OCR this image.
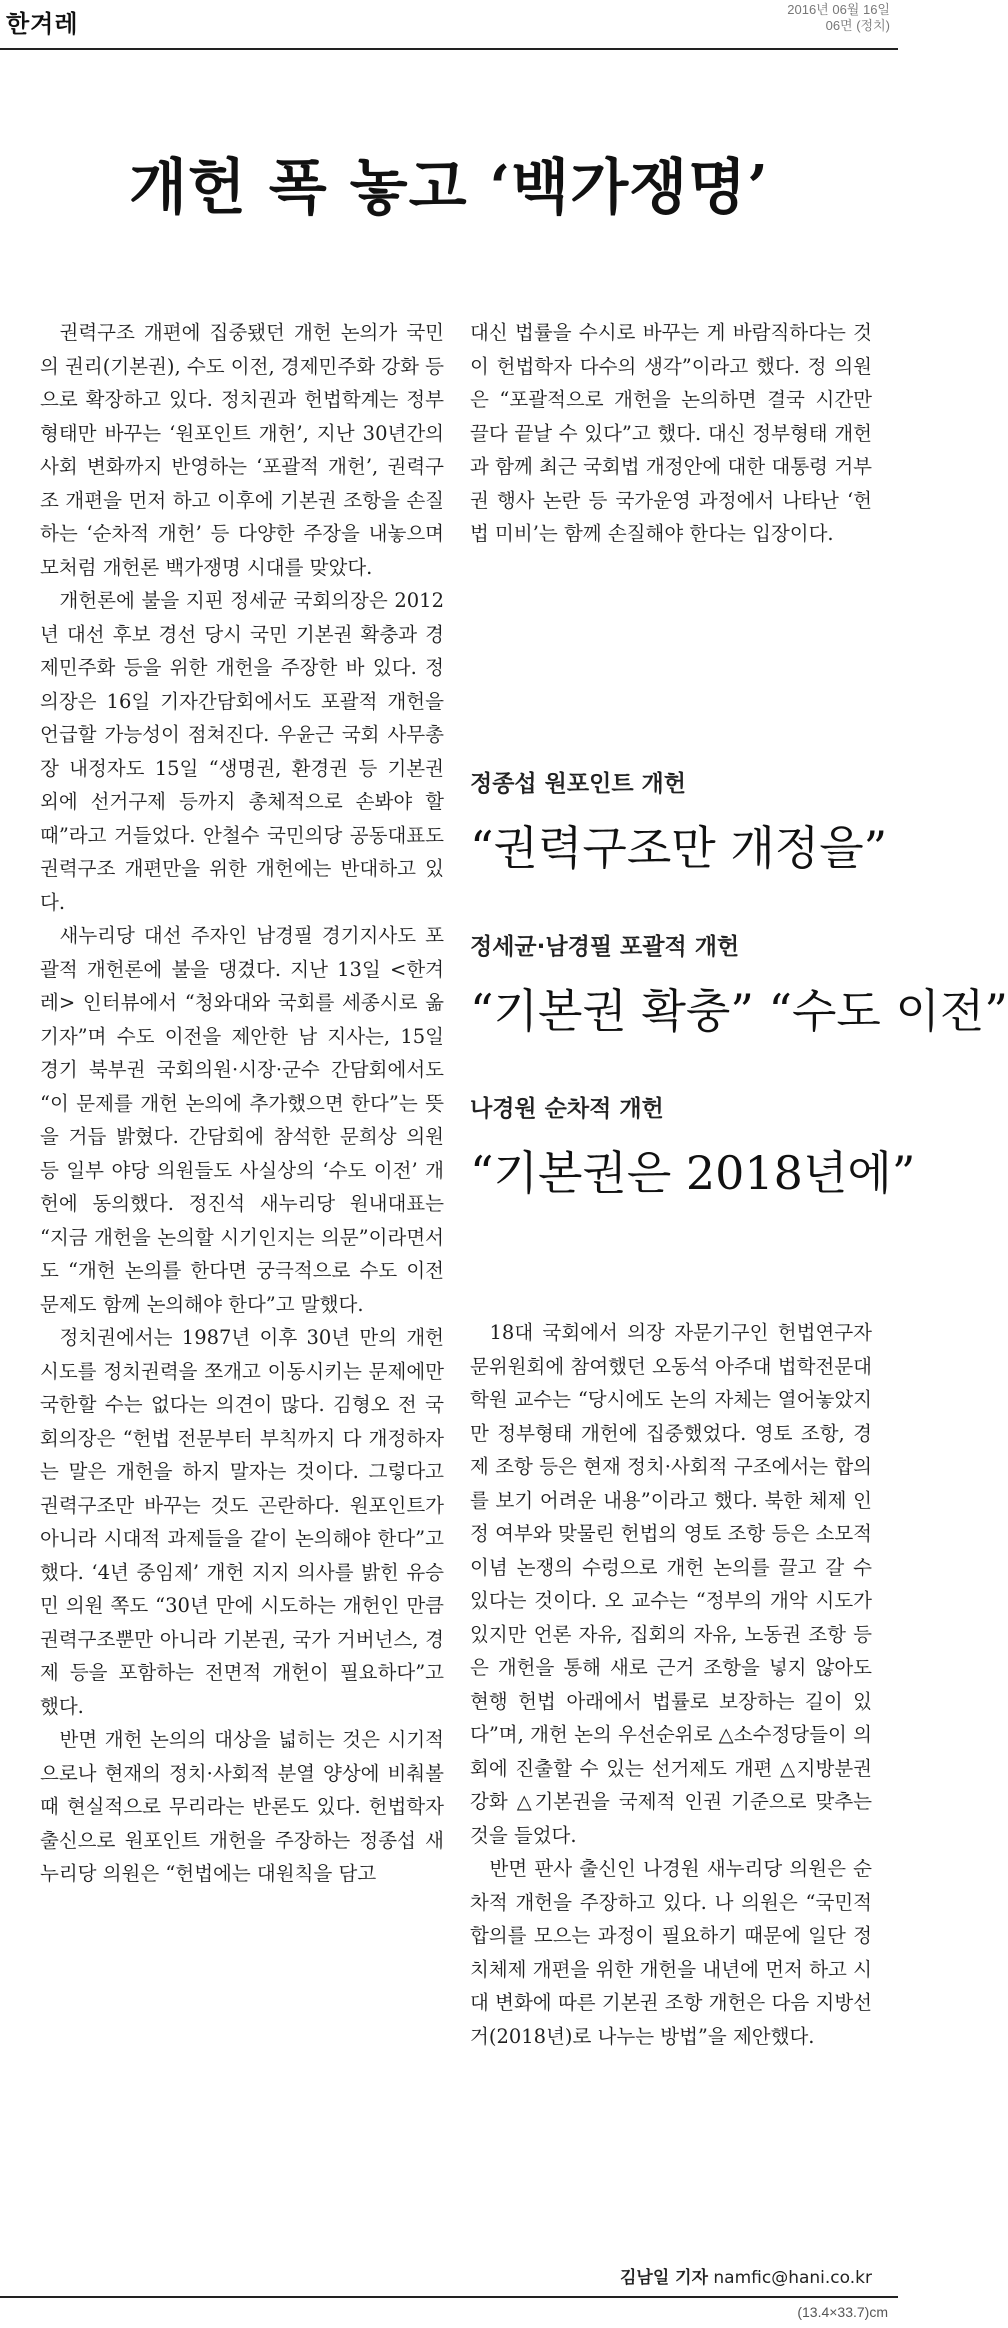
한겨레
2016년 06월 16일
06면 (정치)
개헌 폭 놓고 ‘백가쟁명’

권력구조 개편에 집중됐던 개헌 논의가 국민의 권리(기본권), 수도 이전, 경제민주화 강화 등으로 확장하고 있다. 정치권과 헌법학계는 정부형태만 바꾸는 ‘원포인트 개헌’, 지난 30년간의 사회 변화까지 반영하는 ‘포괄적 개헌’, 권력구조 개편을 먼저 하고 이후에 기본권 조항을 손질하는 ‘순차적 개헌’ 등 다양한 주장을 내놓으며 모처럼 개헌론 백가쟁명 시대를 맞았다.

개헌론에 불을 지핀 정세균 국회의장은 2012년 대선 후보 경선 당시 국민 기본권 확충과 경제민주화 등을 위한 개헌을 주장한 바 있다. 정 의장은 16일 기자간담회에서도 포괄적 개헌을 언급할 가능성이 점쳐진다. 우윤근 국회 사무총장 내정자도 15일 “생명권, 환경권 등 기본권 외에 선거구제 등까지 총체적으로 손봐야 할 때”라고 거들었다. 안철수 국민의당 공동대표도 권력구조 개편만을 위한 개헌에는 반대하고 있다.

새누리당 대선 주자인 남경필 경기지사도 포괄적 개헌론에 불을 댕겼다. 지난 13일 <한겨레> 인터뷰에서 “청와대와 국회를 세종시로 옮기자”며 수도 이전을 제안한 남 지사는, 15일 경기 북부권 국회의원·시장·군수 간담회에서도 “이 문제를 개헌 논의에 추가했으면 한다”는 뜻을 거듭 밝혔다. 간담회에 참석한 문희상 의원 등 일부 야당 의원들도 사실상의 ‘수도 이전’ 개헌에 동의했다. 정진석 새누리당 원내대표는 “지금 개헌을 논의할 시기인지는 의문”이라면서도 “개헌 논의를 한다면 궁극적으로 수도 이전 문제도 함께 논의해야 한다”고 말했다.

정치권에서는 1987년 이후 30년 만의 개헌 시도를 정치권력을 쪼개고 이동시키는 문제에만 국한할 수는 없다는 의견이 많다. 김형오 전 국회의장은 “헌법 전문부터 부칙까지 다 개정하자는 말은 개헌을 하지 말자는 것이다. 그렇다고 권력구조만 바꾸는 것도 곤란하다. 원포인트가 아니라 시대적 과제들을 같이 논의해야 한다”고 했다. ‘4년 중임제’ 개헌 지지 의사를 밝힌 유승민 의원 쪽도 “30년 만에 시도하는 개헌인 만큼 권력구조뿐만 아니라 기본권, 국가 거버넌스, 경제 등을 포함하는 전면적 개헌이 필요하다”고 했다.

반면 개헌 논의의 대상을 넓히는 것은 시기적으로나 현재의 정치·사회적 분열 양상에 비춰볼 때 현실적으로 무리라는 반론도 있다. 헌법학자 출신으로 원포인트 개헌을 주장하는 정종섭 새누리당 의원은 “헌법에는 대원칙을 담고

대신 법률을 수시로 바꾸는 게 바람직하다는 것이 헌법학자 다수의 생각”이라고 했다. 정 의원은 “포괄적으로 개헌을 논의하면 결국 시간만 끌다 끝날 수 있다”고 했다. 대신 정부형태 개헌과 함께 최근 국회법 개정안에 대한 대통령 거부권 행사 논란 등 국가운영 과정에서 나타난 ‘헌법 미비’는 함께 손질해야 한다는 입장이다.

정종섭 원포인트 개헌
“권력구조만 개정을”
정세균·남경필 포괄적 개헌
“기본권 확충” “수도 이전”
나경원 순차적 개헌
“기본권은 2018년에”

18대 국회에서 의장 자문기구인 헌법연구자문위원회에 참여했던 오동석 아주대 법학전문대학원 교수는 “당시에도 논의 자체는 열어놓았지만 정부형태 개헌에 집중했었다. 영토 조항, 경제 조항 등은 현재 정치·사회적 구조에서는 합의를 보기 어려운 내용”이라고 했다. 북한 체제 인정 여부와 맞물린 헌법의 영토 조항 등은 소모적 이념 논쟁의 수렁으로 개헌 논의를 끌고 갈 수 있다는 것이다. 오 교수는 “정부의 개악 시도가 있지만 언론 자유, 집회의 자유, 노동권 조항 등은 개헌을 통해 새로 근거 조항을 넣지 않아도 현행 헌법 아래에서 법률로 보장하는 길이 있다”며, 개헌 논의 우선순위로 △소수정당들이 의회에 진출할 수 있는 선거제도 개편 △지방분권 강화 △기본권을 국제적 인권 기준으로 맞추는 것을 들었다.

반면 판사 출신인 나경원 새누리당 의원은 순차적 개헌을 주장하고 있다. 나 의원은 “국민적 합의를 모으는 과정이 필요하기 때문에 일단 정치체제 개편을 위한 개헌을 내년에 먼저 하고 시대 변화에 따른 기본권 조항 개헌은 다음 지방선거(2018년)로 나누는 방법”을 제안했다.

김남일 기자 namfic@hani.co.kr
(13.4×33.7)cm
